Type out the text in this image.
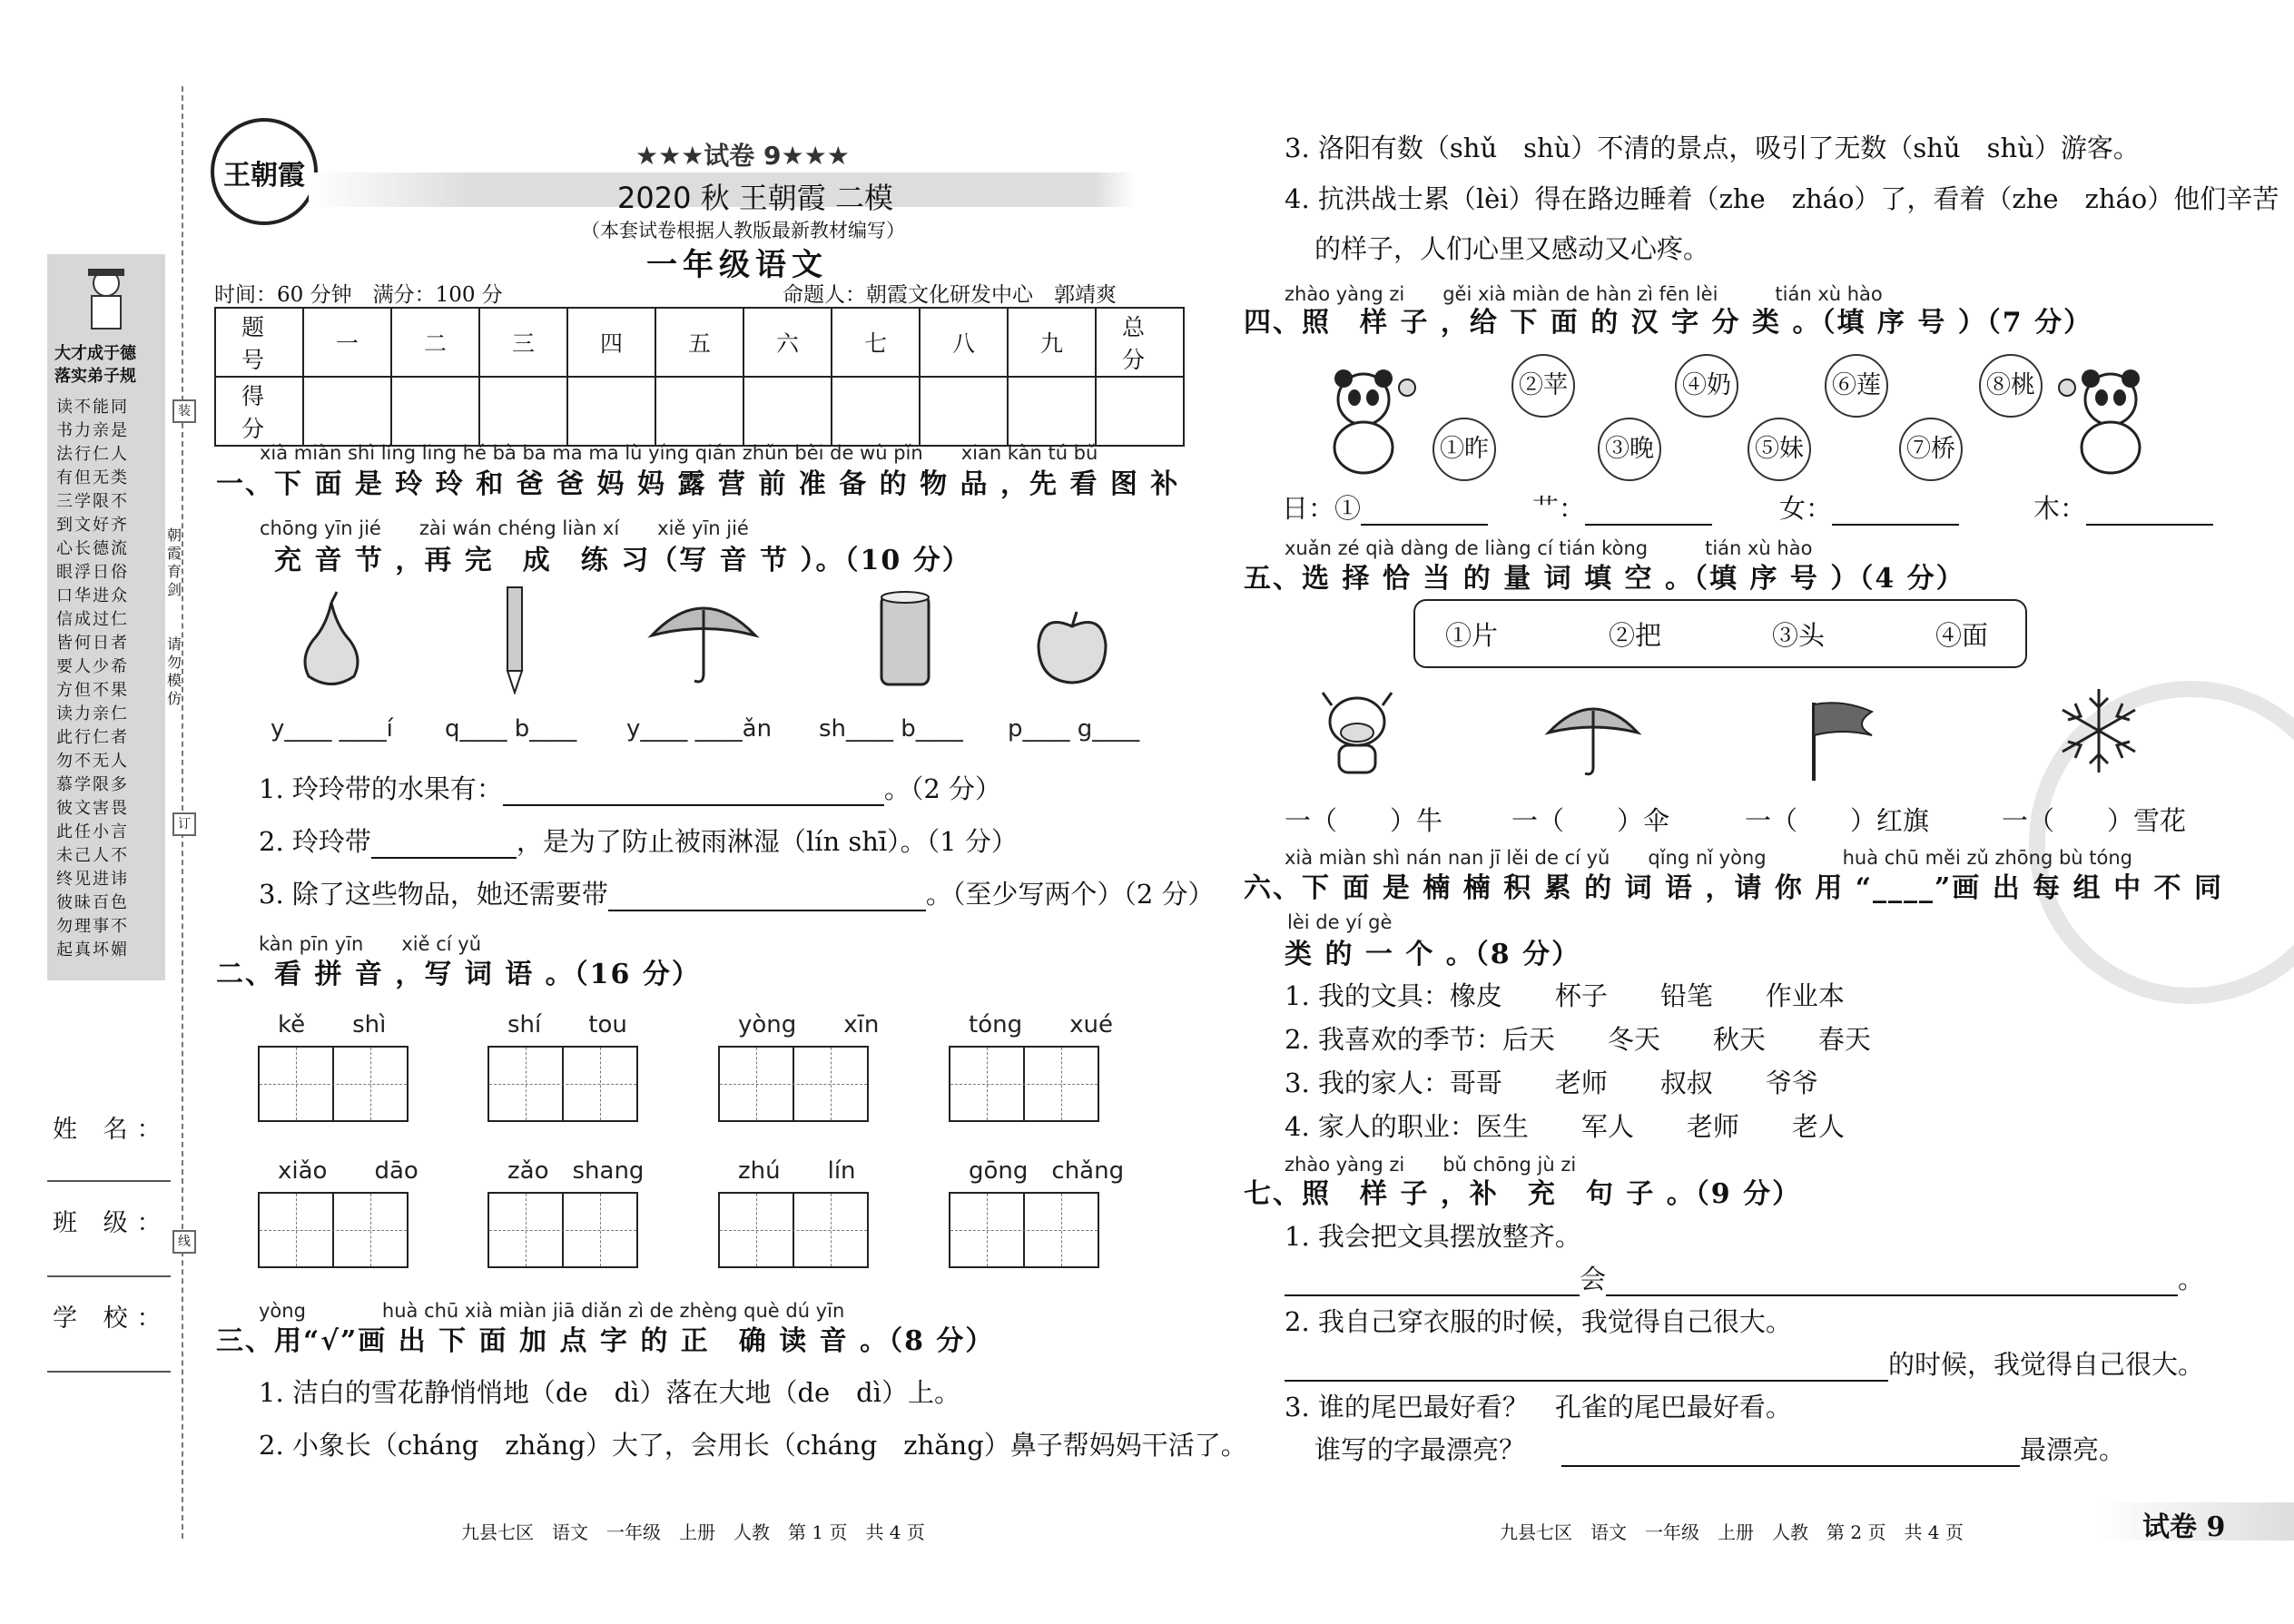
大才成于德
落实弟子规
读不能同
书力亲是
法行仁人
有但无类
三学限不
到文好齐
心长德流
眼浮日俗
口华进众
信成过仁
皆何日者
要人少希
方但不果
读力亲仁
此行仁者
勿不无人
慕学限多
彼文害畏
此任小言
未己人不
终见进讳
彼昧百色
勿理事不
起真坏媚
装
订
线
朝霞育剑
请勿模仿
姓 名：
班 级：
学 校：
王朝霞
★★★试卷 9★★★
2020 秋 王朝霞 二模
（本套试卷根据人教版最新教材编写）
一年级语文
时间：60 分钟　满分：100 分	命题人：朝霞文化研发中心　郭靖爽
题　号	一	二	三	四	五	六	七	八	九	总　分
得　分										
xià miàn shì líng ling hé bà ba mā ma lù yíng qián zhǔn bèi de wù pǐn　　xiān kàn tú bǔ
一、下 面 是 玲 玲 和 爸 爸 妈 妈 露 营 前 准 备 的 物 品 ，先 看 图 补
chōng yīn jié　　zài wán chéng liàn xí　　xiě yīn jié
充 音 节 ，再 完　成　练 习（写 音 节 ）。（10 分）
1. 玲玲带的水果有：	。（2 分）
2. 玲玲带	，是为了防止被雨淋湿（lín shī）。（1 分）
3. 除了这些物品，她还需要带	。（至少写两个）（2 分）
kàn pīn yīn　　xiě cí yǔ
二、看 拼 音 ，写 词 语 。（16 分）
yòng　　　　huà chū xià miàn jiā diǎn zì de zhèng què dú yīn
三、用“√”画 出 下 面 加 点 字 的 正　确 读 音 。（8 分）
1. 洁白的雪花静悄悄地（de　dì）落在大地（de　dì）上。
2. 小象长（cháng　zhǎng）大了，会用长（cháng　zhǎng）鼻子帮妈妈干活了。
九县七区　语文　一年级　上册　人教　第 1 页　共 4 页	九县七区　语文　一年级　上册　人教　第 2 页　共 4 页	试卷 9
3. 洛阳有数（shǔ　shù）不清的景点，吸引了无数（shǔ　shù）游客。
4. 抗洪战士累（lèi）得在路边睡着（zhe　zháo）了，看着（zhe　zháo）他们辛苦
的样子，人们心里又感动又心疼。
zhào yàng zi　　gěi xià miàn de hàn zì fēn lèi　　　tián xù hào
四、照　样 子 ，给 下 面 的 汉 字 分 类 。（填 序 号 ）（7 分）
xuǎn zé qià dàng de liàng cí tián kòng　　　tián xù hào
五、选 择 恰 当 的 量 词 填 空 。（填 序 号 ）（4 分）
xià miàn shì nán nan jī lěi de cí yǔ　　qǐng nǐ yòng　　　　huà chū měi zǔ zhōng bù tóng
六、下 面 是 楠 楠 积 累 的 词 语 ，请 你 用 “____”画 出 每 组 中 不 同
lèi de yí gè
类 的 一 个 。（8 分）
zhào yàng zi　　bǔ chōng jù zi
七、照　样 子 ，补　充　句 子 。（9 分）
1. 我会把文具摆放整齐。
会	。
2. 我自己穿衣服的时候，我觉得自己很大。
的时候，我觉得自己很大。
3. 谁的尾巴最好看？　孔雀的尾巴最好看。
谁写的字最漂亮？	最漂亮。
y____ ____í q____ b____ y____ ____ǎn sh____ b____ p____ g____
kě　　shì	shí　　tou	yòng　　xīn	tóng　　xué
xiǎo　　dāo	zǎo　shang	zhú　　lín	gōng　chǎng
①昨
②苹
③晚
④奶
⑤妹
⑥莲
⑦桥
⑧桃
日：①	艹：	女：	木：
①片	②把	③头	④面
一（　　）牛	一（　　）伞	一（　　）红旗	一（　　）雪花
1. 我的文具：橡皮　　杯子　　铅笔　　作业本
2. 我喜欢的季节：后天　　冬天　　秋天　　春天
3. 我的家人：哥哥　　老师　　叔叔　　爷爷
4. 家人的职业：医生　　军人　　老师　　老人
